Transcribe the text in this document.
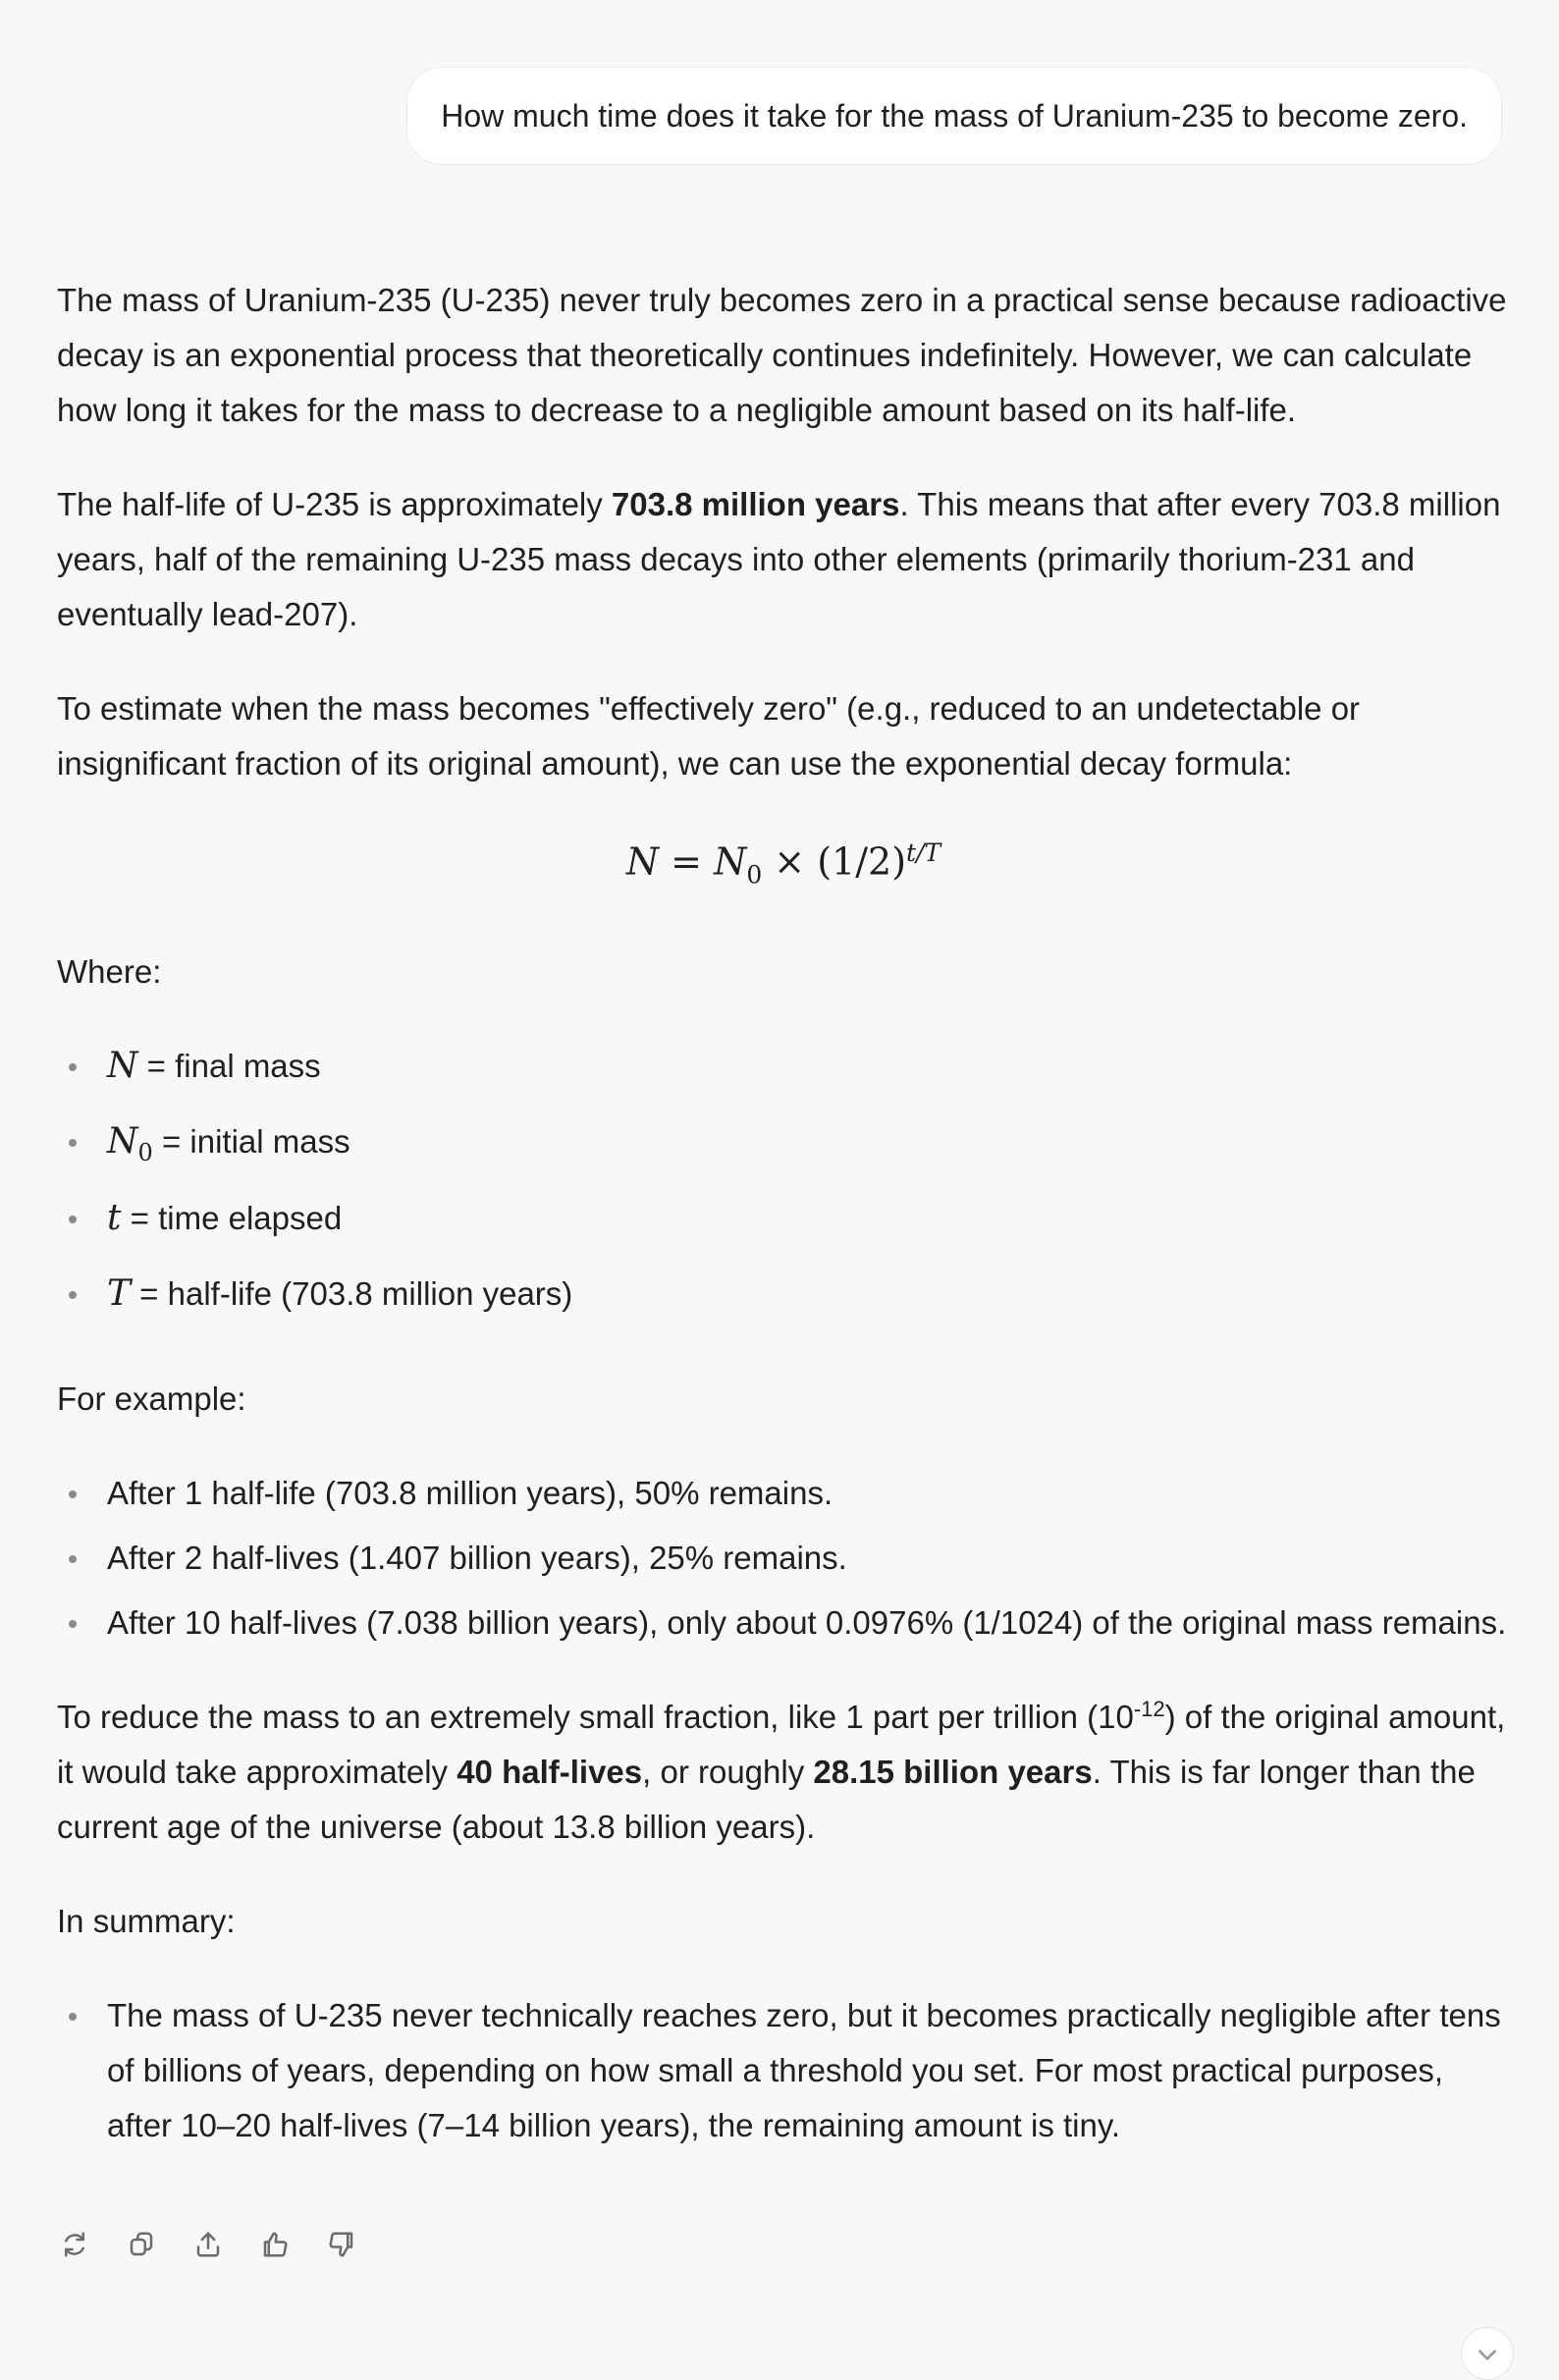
How much time does it take for the mass of Uranium-235 to become zero.

The mass of Uranium-235 (U-235) never truly becomes zero in a practical sense because radioactive decay is an exponential process that theoretically continues indefinitely. However, we can calculate how long it takes for the mass to decrease to a negligible amount based on its half-life.

The half-life of U-235 is approximately 703.8 million years. This means that after every 703.8 million years, half of the remaining U-235 mass decays into other elements (primarily thorium-231 and eventually lead-207).

To estimate when the mass becomes "effectively zero" (e.g., reduced to an undetectable or insignificant fraction of its original amount), we can use the exponential decay formula:

$N = N_0 \times (1/2)^{t/T}$

Where:

N = final mass
$N_0$ = initial mass
t = time elapsed
T = half-life (703.8 million years)

For example:

After 1 half-life (703.8 million years), 50% remains.
After 2 half-lives (1.407 billion years), 25% remains.
After 10 half-lives (7.038 billion years), only about 0.0976% (1/1024) of the original mass remains.

To reduce the mass to an extremely small fraction, like 1 part per trillion $(10^{-12})$ of the original amount, it would take approximately 40 half-lives, or roughly 28.15 billion years. This is far longer than the current age of the universe (about 13.8 billion years).

In summary:

The mass of U-235 never technically reaches zero, but it becomes practically negligible after tens of billions of years, depending on how small a threshold you set. For most practical purposes, after 10–20 half-lives (7–14 billion years), the remaining amount is tiny.
